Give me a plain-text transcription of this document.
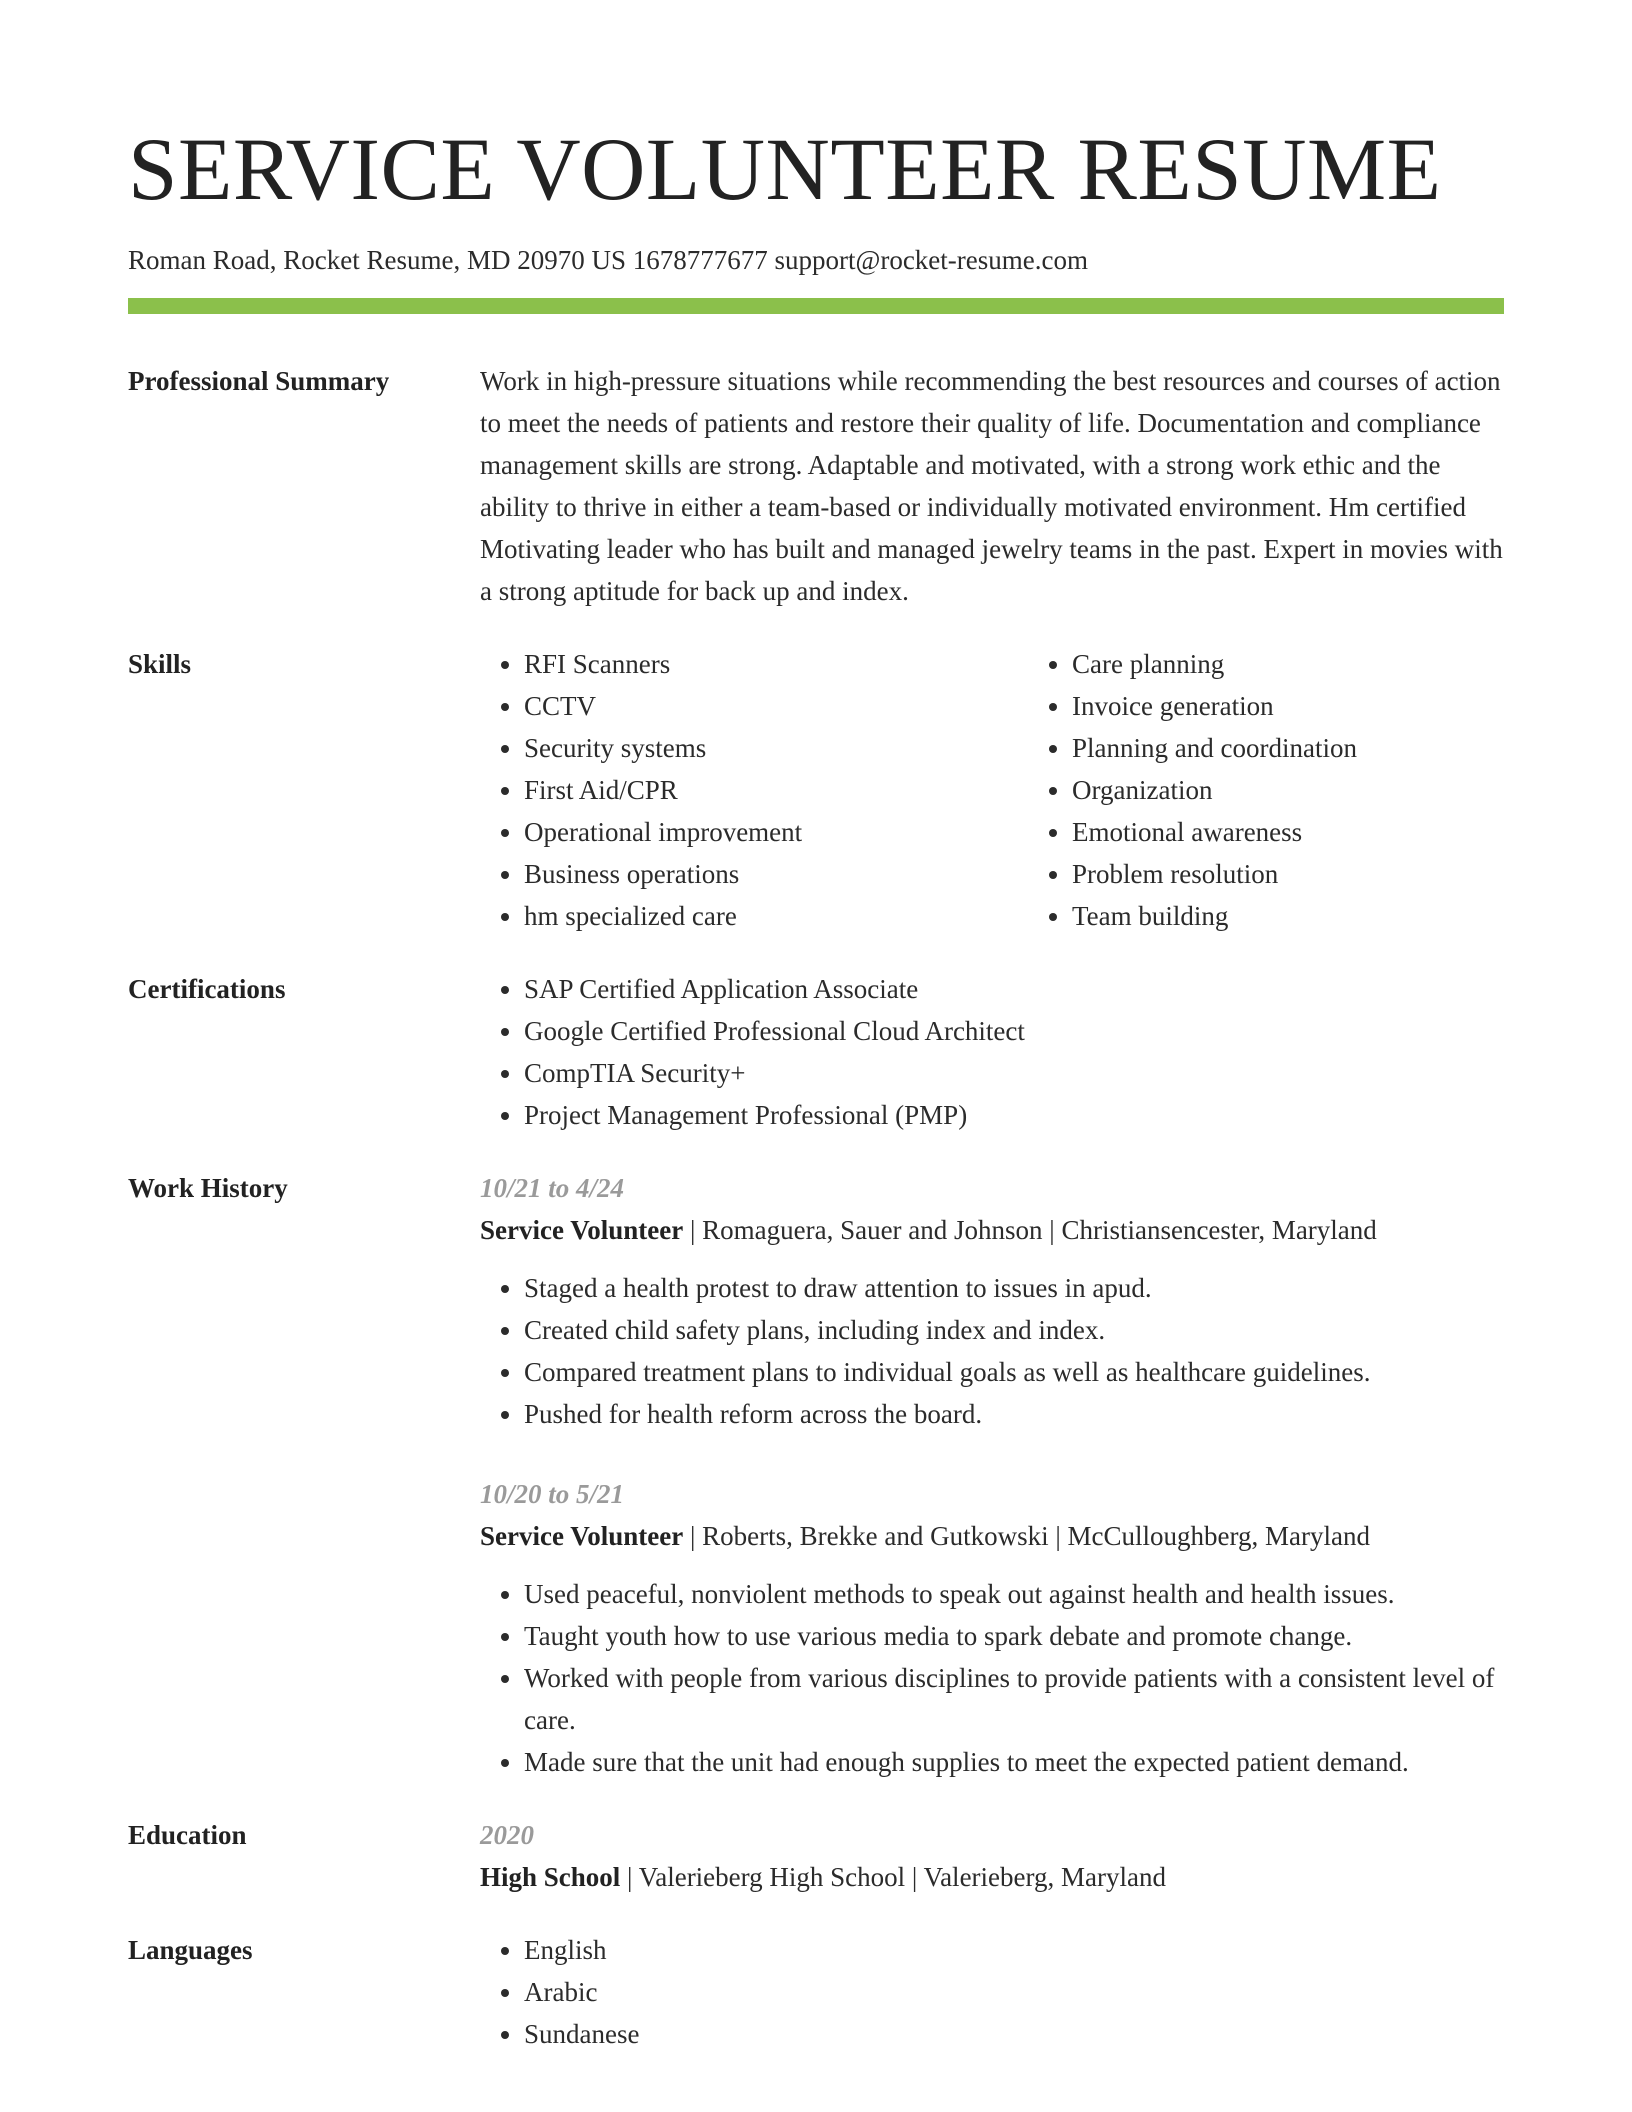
SERVICE VOLUNTEER RESUME
Roman Road, Rocket Resume, MD 20970 US 1678777677 support@rocket-resume.com
Professional Summary	Work in high-pressure situations while recommending the best resources and courses of action to meet the needs of patients and restore their quality of life. Documentation and compliance management skills are strong. Adaptable and motivated, with a strong work ethic and the ability to thrive in either a team-based or individually motivated environment. Hm certified Motivating leader who has built and managed jewelry teams in the past. Expert in movies with a strong aptitude for back up and index.

Skills	• RFI Scanners
• CCTV
• Security systems
• First Aid/CPR
• Operational improvement
• Business operations
• hm specialized care
• Care planning
• Invoice generation
• Planning and coordination
• Organization
• Emotional awareness
• Problem resolution
• Team building
Certifications	• SAP Certified Application Associate
• Google Certified Professional Cloud Architect
• CompTIA Security+
• Project Management Professional (PMP)
Work History	10/21 to 4/24
Service Volunteer | Romaguera, Sauer and Johnson | Christiansencester, Maryland
• Staged a health protest to draw attention to issues in apud.
• Created child safety plans, including index and index.
• Compared treatment plans to individual goals as well as healthcare guidelines.
• Pushed for health reform across the board.
10/20 to 5/21
Service Volunteer | Roberts, Brekke and Gutkowski | McCulloughberg, Maryland
• Used peaceful, nonviolent methods to speak out against health and health issues.
• Taught youth how to use various media to spark debate and promote change.
• Worked with people from various disciplines to provide patients with a consistent level of care.
• Made sure that the unit had enough supplies to meet the expected patient demand.
Education	2020
High School | Valerieberg High School | Valerieberg, Maryland
Languages	• English
• Arabic
• Sundanese
